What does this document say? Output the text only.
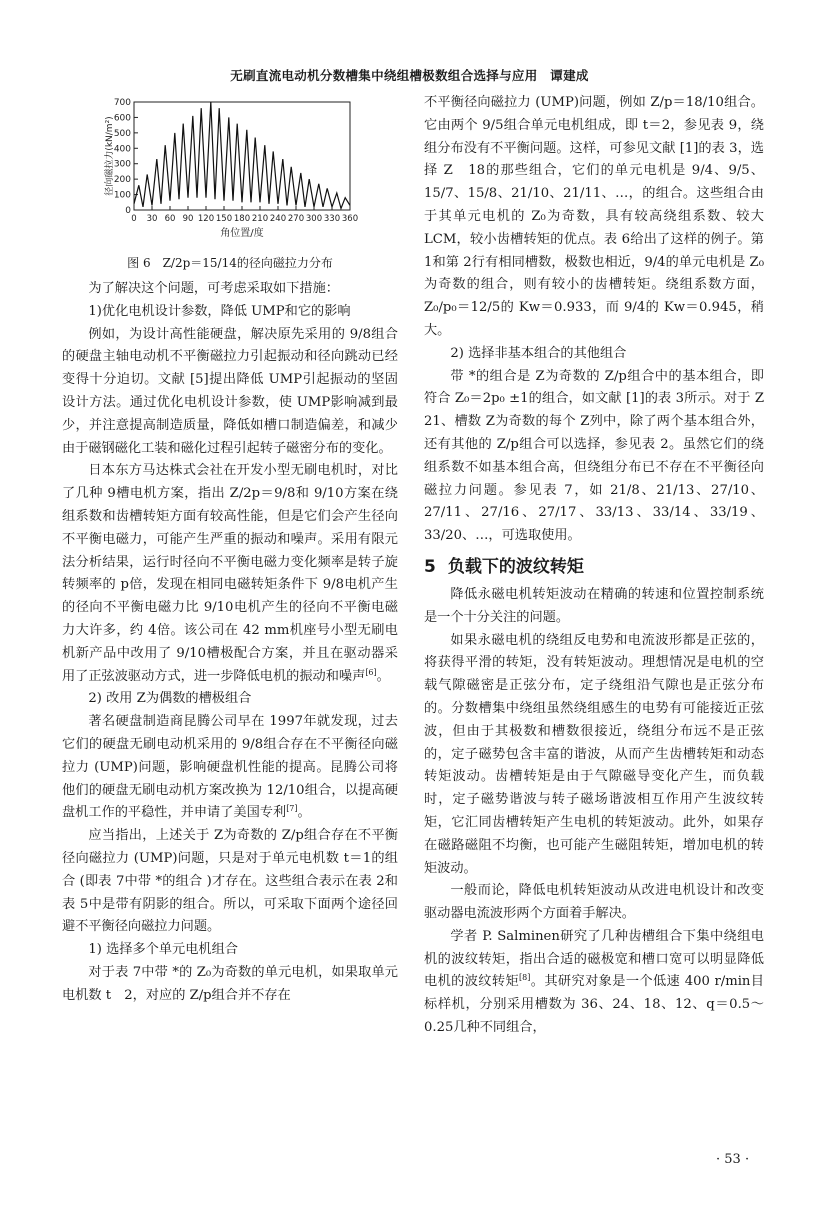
无刷直流电动机分数槽集中绕组槽极数组合选择与应用　谭建成
0
100
200
300
400
500
600
700
0 30 60 90 120 150 180 210 240 270 300 330 360
角位置/度
径向磁拉力(kN/m²)
图 6　Z/2p＝15/14的径向磁拉力分布

为了解决这个问题，可考虑采取如下措施：

1)优化电机设计参数，降低 UMP和它的影响

例如，为设计高性能硬盘，解决原先采用的 9/8组合的硬盘主轴电动机不平衡磁拉力引起振动和径向跳动已经变得十分迫切。文献 [5]提出降低 UMP引起振动的坚固设计方法。通过优化电机设计参数，使 UMP影响减到最少，并注意提高制造质量，降低如槽口制造偏差，和减少由于磁钢磁化工装和磁化过程引起转子磁密分布的变化。

日本东方马达株式会社在开发小型无刷电机时，对比了几种 9槽电机方案，指出 Z/2p＝9/8和 9/10方案在绕组系数和齿槽转矩方面有较高性能，但是它们会产生径向不平衡电磁力，可能产生严重的振动和噪声。采用有限元法分析结果，运行时径向不平衡电磁力变化频率是转子旋转频率的 p倍，发现在相同电磁转矩条件下 9/8电机产生的径向不平衡电磁力比 9/10电机产生的径向不平衡电磁力大许多，约 4倍。该公司在 42 mm机座号小型无刷电机新产品中改用了 9/10槽极配合方案，并且在驱动器采用了正弦波驱动方式，进一步降低电机的振动和噪声[6]。

2) 改用 Z为偶数的槽极组合

著名硬盘制造商昆腾公司早在 1997年就发现，过去它们的硬盘无刷电动机采用的 9/8组合存在不平衡径向磁拉力 (UMP)问题，影响硬盘机性能的提高。昆腾公司将他们的硬盘无刷电动机方案改换为 12/10组合，以提高硬盘机工作的平稳性，并申请了美国专利[7]。

应当指出，上述关于 Z为奇数的 Z/p组合存在不平衡径向磁拉力 (UMP)问题，只是对于单元电机数 t＝1的组合 (即表 7中带 *的组合 )才存在。这些组合表示在表 2和表 5中是带有阴影的组合。所以，可采取下面两个途径回避不平衡径向磁拉力问题。

1) 选择多个单元电机组合

对于表 7中带 *的 Z₀为奇数的单元电机，如果取单元电机数 t　2，对应的 Z/p组合并不存在

不平衡径向磁拉力 (UMP)问题，例如 Z/p＝18/10组合。它由两个 9/5组合单元电机组成，即 t＝2，参见表 9，绕组分布没有不平衡问题。这样，可参见文献 [1]的表 3，选择 Z　18的那些组合，它们的单元电机是 9/4、9/5、15/7、15/8、21/10、21/11、…，的组合。这些组合由于其单元电机的 Z₀为奇数，具有较高绕组系数、较大 LCM，较小齿槽转矩的优点。表 6给出了这样的例子。第 1和第 2行有相同槽数，极数也相近，9/4的单元电机是 Z₀为奇数的组合，则有较小的齿槽转矩。绕组系数方面，Z₀/p₀＝12/5的 Kw＝0.933，而 9/4的 Kw＝0.945，稍大。

2) 选择非基本组合的其他组合

带 *的组合是 Z为奇数的 Z/p组合中的基本组合，即符合 Z₀＝2p₀ ±1的组合，如文献 [1]的表 3所示。对于 Z　21、槽数 Z为奇数的每个 Z列中，除了两个基本组合外，还有其他的 Z/p组合可以选择，参见表 2。虽然它们的绕组系数不如基本组合高，但绕组分布已不存在不平衡径向磁拉力问题。参见表 7，如 21/8、21/13、27/10、27/11、27/16、27/17、33/13、33/14、33/19、33/20、…，可选取使用。

5 负载下的波纹转矩

降低永磁电机转矩波动在精确的转速和位置控制系统是一个十分关注的问题。

如果永磁电机的绕组反电势和电流波形都是正弦的，将获得平滑的转矩，没有转矩波动。理想情况是电机的空载气隙磁密是正弦分布，定子绕组沿气隙也是正弦分布的。分数槽集中绕组虽然绕组感生的电势有可能接近正弦波，但由于其极数和槽数很接近，绕组分布远不是正弦的，定子磁势包含丰富的谐波，从而产生齿槽转矩和动态转矩波动。齿槽转矩是由于气隙磁导变化产生，而负载时，定子磁势谐波与转子磁场谐波相互作用产生波纹转矩，它汇同齿槽转矩产生电机的转矩波动。此外，如果存在磁路磁阻不均衡，也可能产生磁阻转矩，增加电机的转矩波动。

一般而论，降低电机转矩波动从改进电机设计和改变驱动器电流波形两个方面着手解决。

学者 P. Salminen研究了几种齿槽组合下集中绕组电机的波纹转矩，指出合适的磁极宽和槽口宽可以明显降低电机的波纹转矩[8]。其研究对象是一个低速 400 r/min目标样机，分别采用槽数为 36、24、18、12、q＝0.5～0.25几种不同组合，

· 53 ·
